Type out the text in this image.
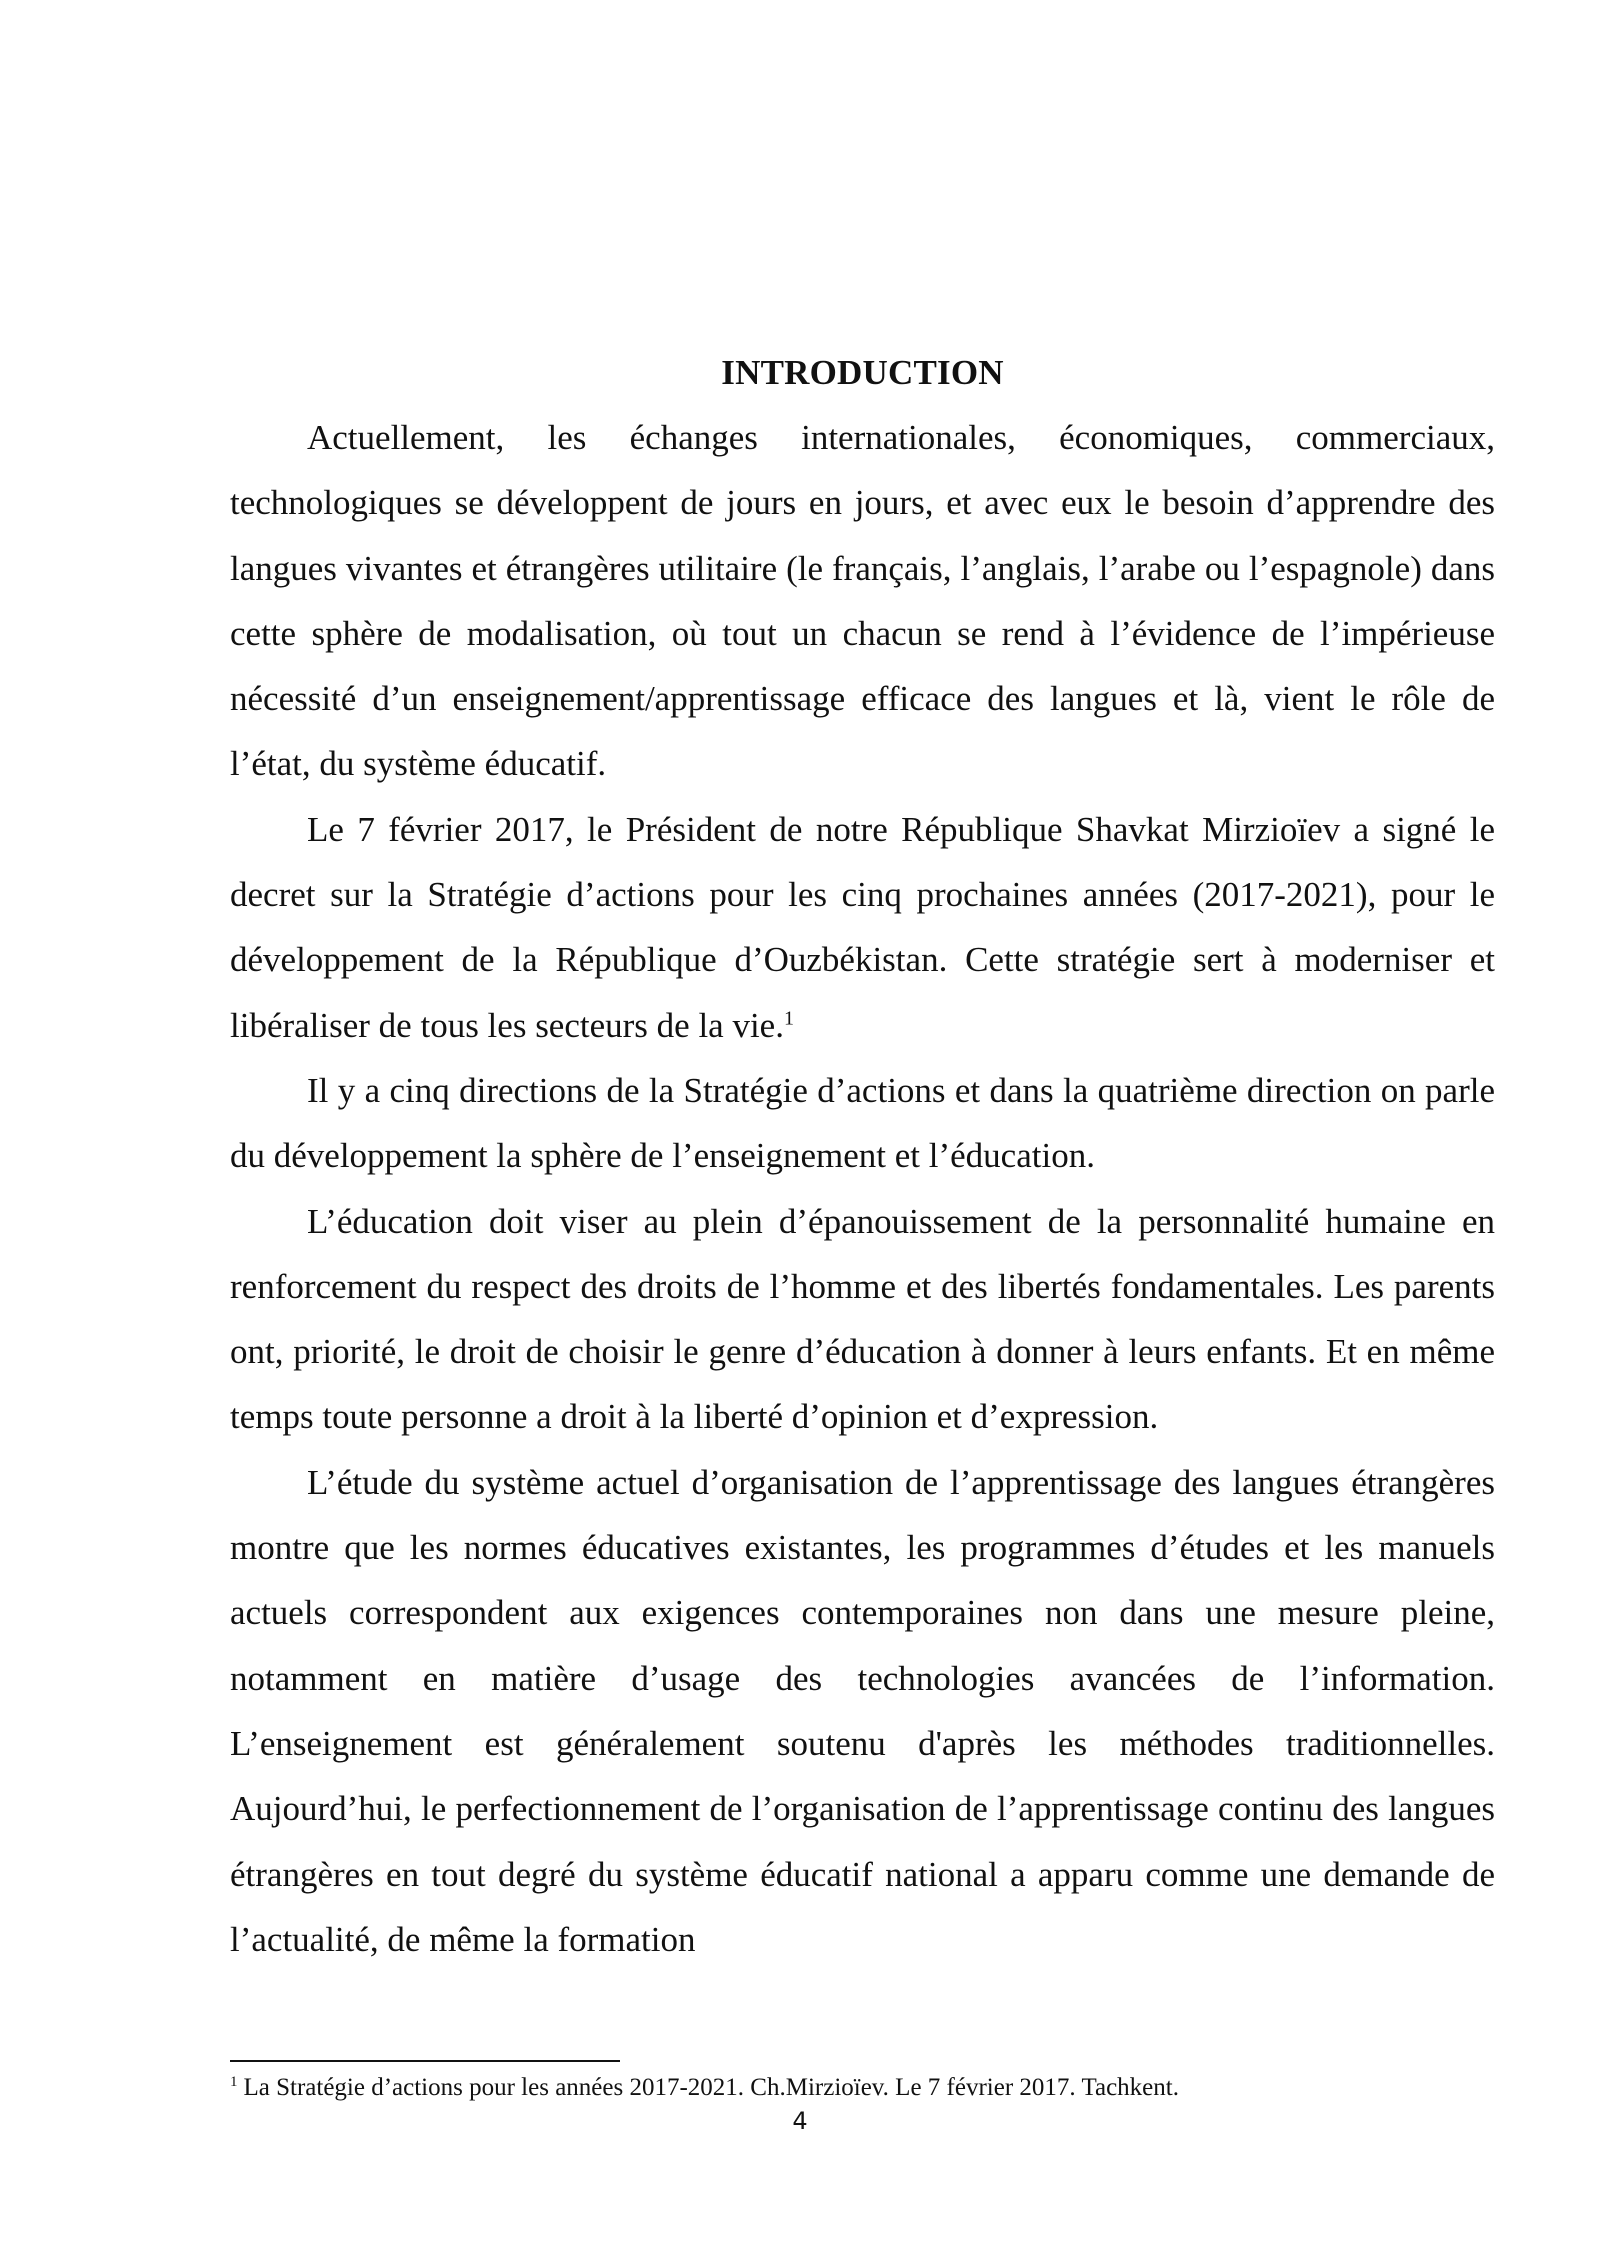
INTRODUCTION

Actuellement, les échanges internationales, économiques, commerciaux, technologiques se développent de jours en jours, et avec eux le besoin d’apprendre des langues vivantes et étrangères utilitaire (le français, l’anglais, l’arabe ou l’espagnole) dans cette sphère de modalisation, où tout un chacun se rend à l’évidence de l’impérieuse nécessité d’un enseignement/apprentissage efficace des langues et là, vient le rôle de l’état, du système éducatif.

Le 7 février 2017, le Président de notre République Shavkat Mirzioïev a signé le decret sur la Stratégie d’actions pour les cinq prochaines années (2017-2021), pour le développement de la République d’Ouzbékistan. Cette stratégie sert à moderniser et libéraliser de tous les secteurs de la vie.$^1$

Il y a cinq directions de la Stratégie d’actions et dans la quatrième direction on parle du développement la sphère de l’enseignement et l’éducation.

L’éducation doit viser au plein d’épanouissement de la personnalité humaine en renforcement du respect des droits de l’homme et des libertés fondamentales. Les parents ont, priorité, le droit de choisir le genre d’éducation à donner à leurs enfants. Et en même temps toute personne a droit à la liberté d’opinion et d’expression.

L’étude du système actuel d’organisation de l’apprentissage des langues étrangères montre que les normes éducatives existantes, les programmes d’études et les manuels actuels correspondent aux exigences contemporaines non dans une mesure pleine, notamment en matière d’usage des technologies avancées de l’information. L’enseignement est généralement soutenu d'après les méthodes traditionnelles. Aujourd’hui, le perfectionnement de l’organisation de l’apprentissage continu des langues étrangères en tout degré du système éducatif national a apparu comme une demande de l’actualité, de même la formation

$^1$ La Stratégie d’actions pour les années 2017-2021. Ch.Mirzioïev. Le 7 février 2017. Tachkent.

4
